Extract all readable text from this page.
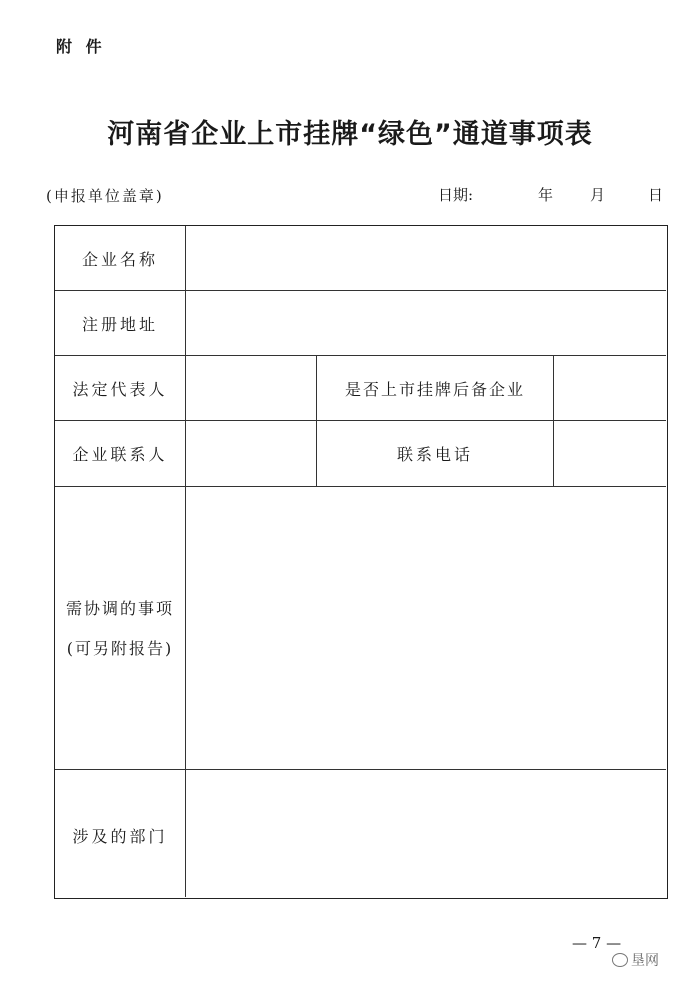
附 件
河南省企业上市挂牌“绿色”通道事项表
(申报单位盖章)	日期:	年 月	日
企业名称
注册地址
法定代表人	是否上市挂牌后备企业
企业联系人	联系电话
需协调的事项
(可另附报告)
涉及的部门
— 7 —
垦网
